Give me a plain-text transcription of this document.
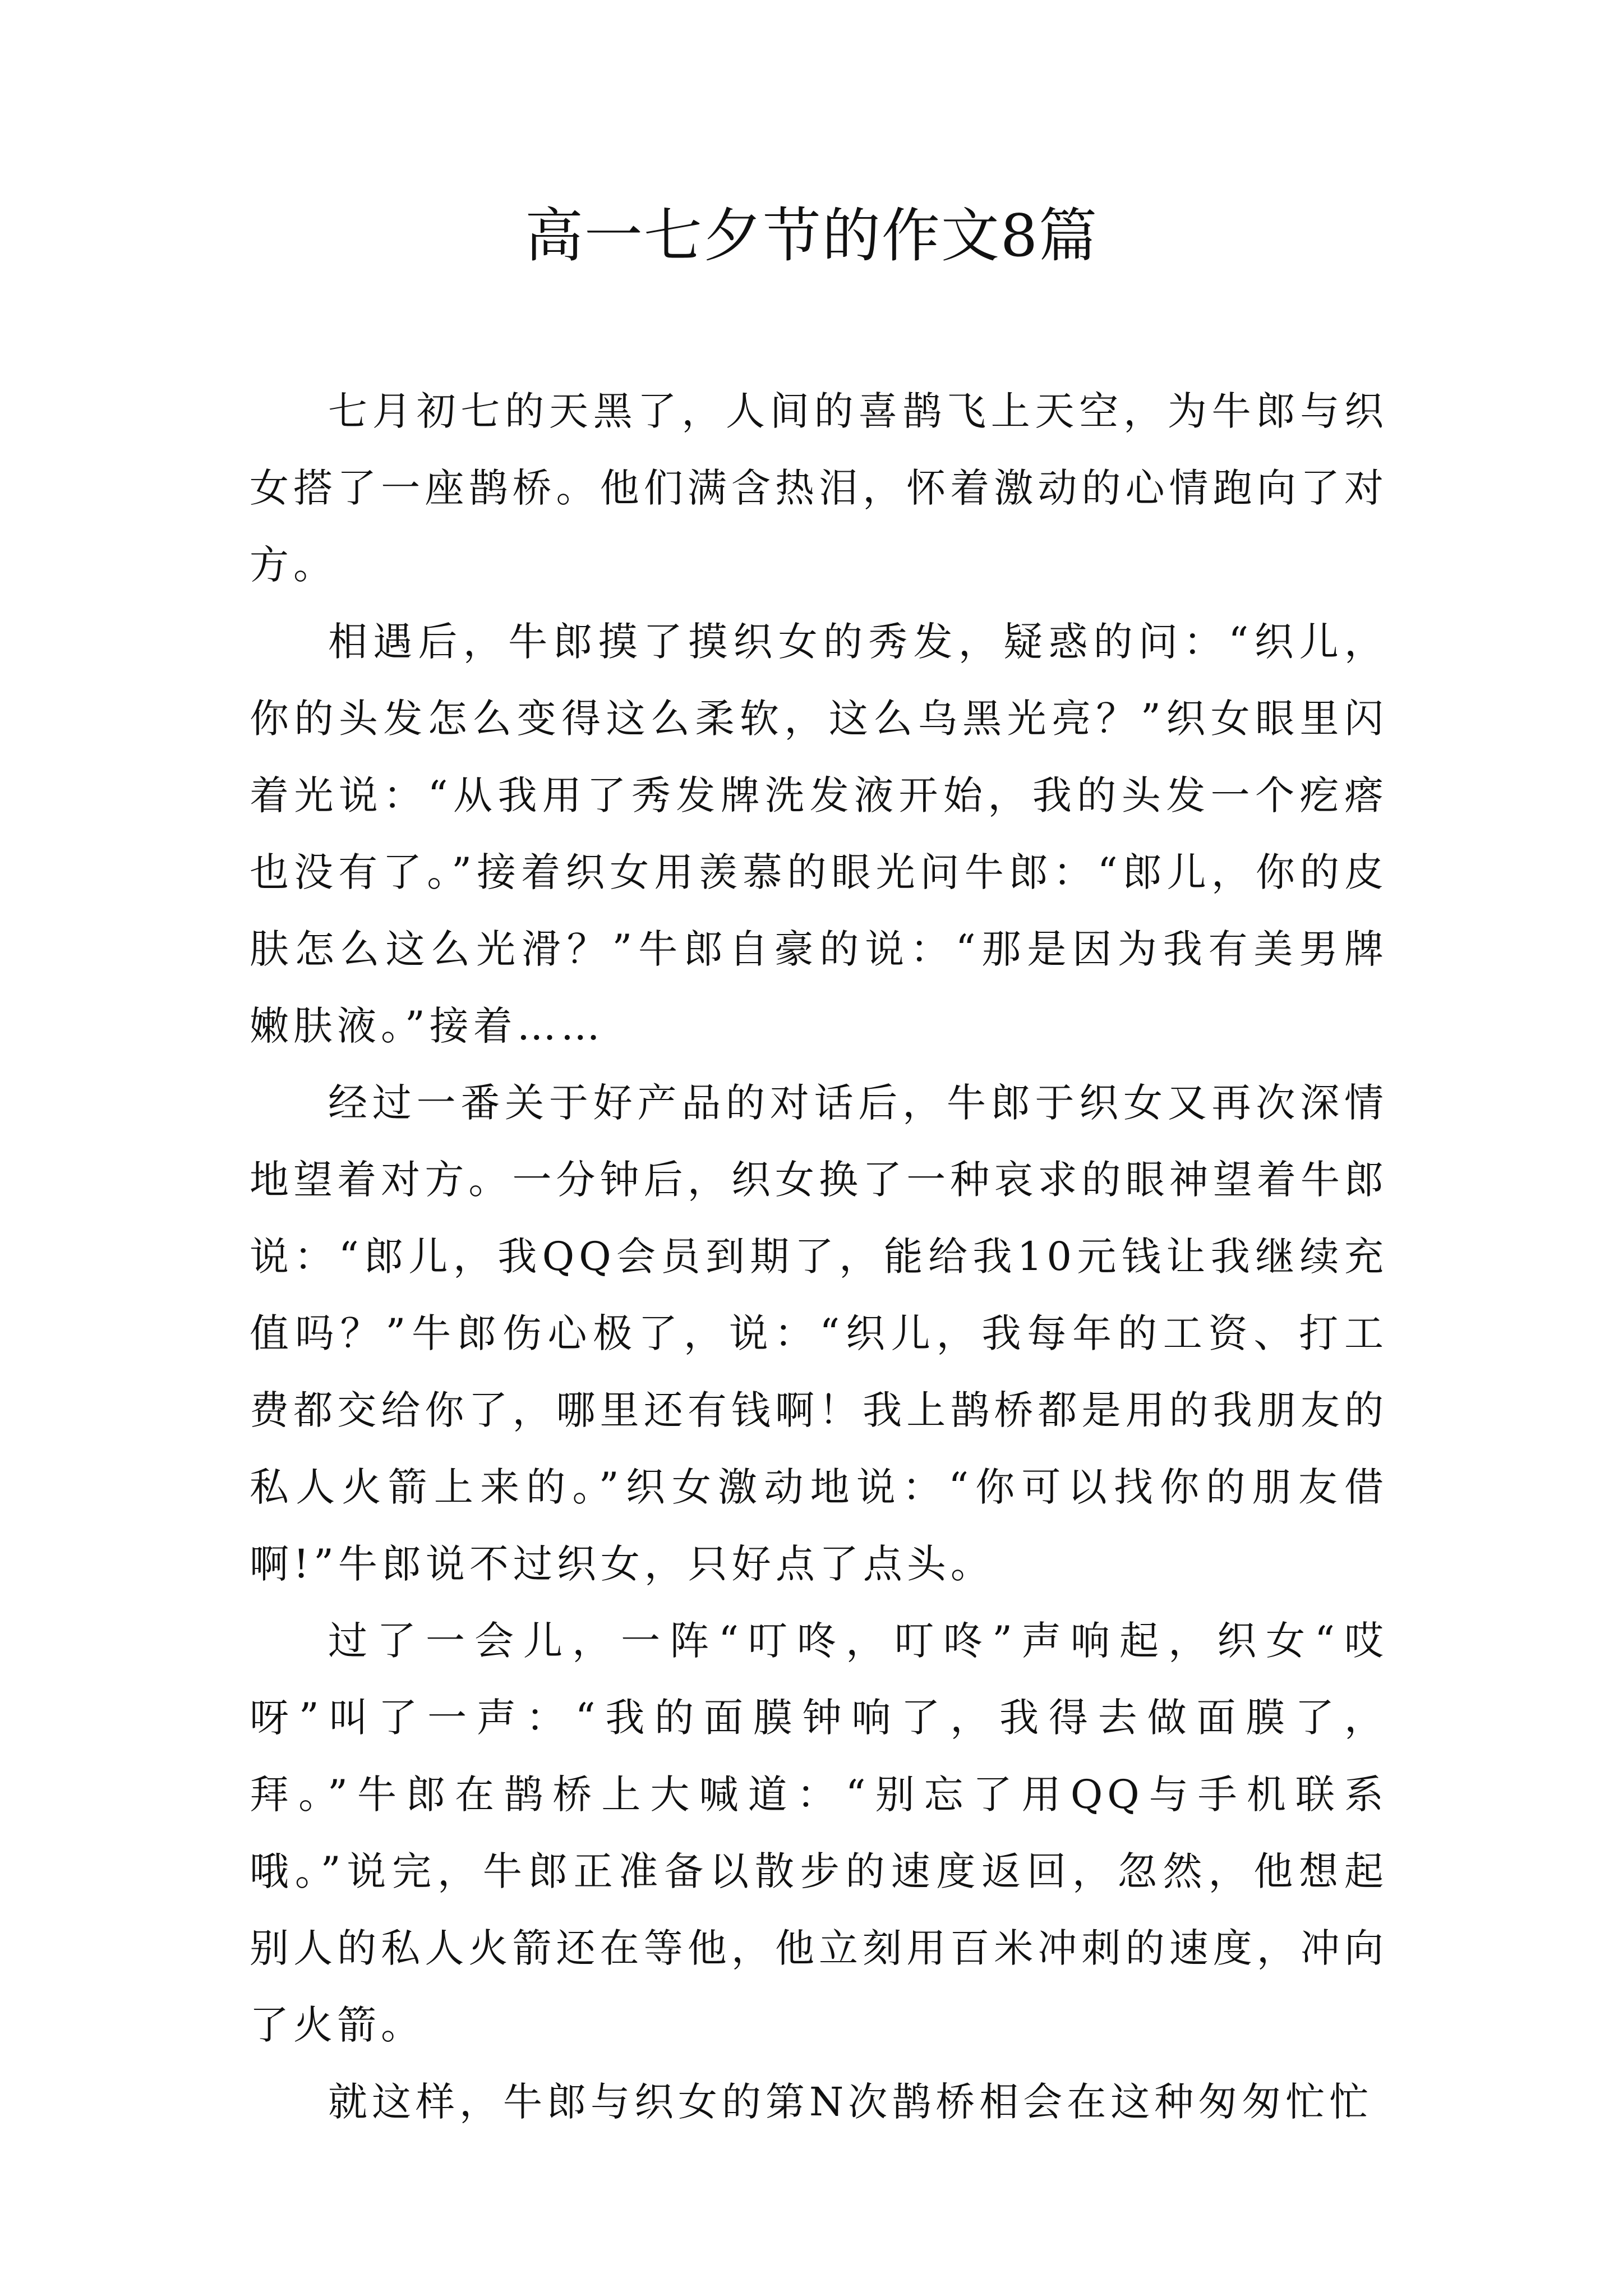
高一七夕节的作文8篇

七月初七的天黑了，人间的喜鹊飞上天空，为牛郎与织女搭了一座鹊桥。他们满含热泪，怀着激动的心情跑向了对方。

相遇后，牛郎摸了摸织女的秀发，疑惑的问：“织儿，你的头发怎么变得这么柔软，这么乌黑光亮？”织女眼里闪着光说：“从我用了秀发牌洗发液开始，我的头发一个疙瘩也没有了。”接着织女用羡慕的眼光问牛郎：“郎儿，你的皮肤怎么这么光滑？”牛郎自豪的说：“那是因为我有美男牌嫩肤液。”接着……

经过一番关于好产品的对话后，牛郎于织女又再次深情地望着对方。一分钟后，织女换了一种哀求的眼神望着牛郎说：“郎儿，我QQ会员到期了，能给我10元钱让我继续充值吗？”牛郎伤心极了，说：“织儿，我每年的工资、打工费都交给你了，哪里还有钱啊！我上鹊桥都是用的我朋友的私人火箭上来的。”织女激动地说：“你可以找你的朋友借啊!”牛郎说不过织女，只好点了点头。

过了一会儿，一阵“叮咚，叮咚”声响起，织女“哎呀”叫了一声：“我的面膜钟响了，我得去做面膜了，拜。”牛郎在鹊桥上大喊道：“别忘了用QQ与手机联系哦。”说完，牛郎正准备以散步的速度返回，忽然，他想起别人的私人火箭还在等他，他立刻用百米冲刺的速度，冲向了火箭。

就这样，牛郎与织女的第N次鹊桥相会在这种匆匆忙忙
